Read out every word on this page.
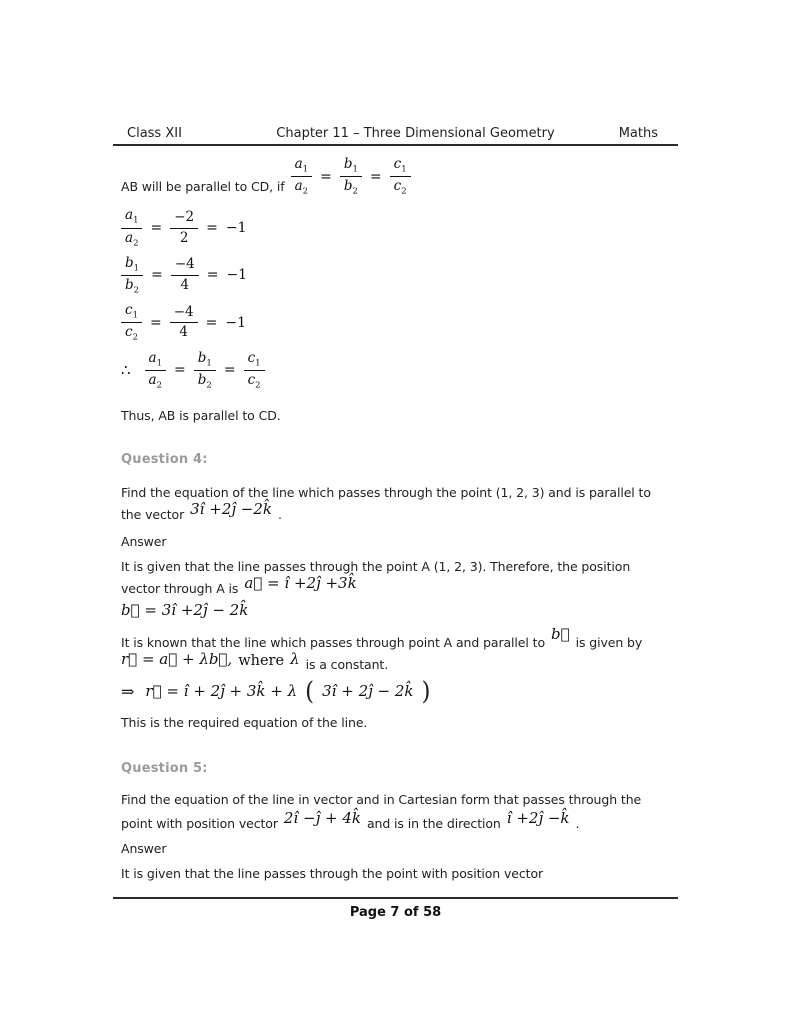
Class XII	Chapter 11 – Three Dimensional Geometry	Maths
AB will be parallel to CD, if $\frac{a_1}{a_2} = \frac{b_1}{b_2} = \frac{c_1}{c_2}$
$\frac{a_1}{a_2} = \frac{-2}{2} = -1$
$\frac{b_1}{b_2} = \frac{-4}{4} = -1$
$\frac{c_1}{c_2} = \frac{-4}{4} = -1$
∴ $\frac{a_1}{a_2} = \frac{b_1}{b_2} = \frac{c_1}{c_2}$
Thus, AB is parallel to CD.
Question 4:
Find the equation of the line which passes through the point (1, 2, 3) and is parallel to
the vector 3î +2ĵ −2k̂ .
Answer
It is given that the line passes through the point A (1, 2, 3). Therefore, the position
vector through A is a⃗ = î +2ĵ +3k̂
b⃗ = 3î +2ĵ − 2k̂
It is known that the line which passes through point A and parallel to b⃗ is given by
r⃗ = a⃗ + λb⃗, where λ is a constant.
⇒ r⃗ = î + 2ĵ + 3k̂ + λ ( 3î + 2ĵ − 2k̂ )
This is the required equation of the line.
Question 5:
Find the equation of the line in vector and in Cartesian form that passes through the
point with position vector 2î −ĵ + 4k̂ and is in the direction î +2ĵ −k̂ .
Answer
It is given that the line passes through the point with position vector
Page 7 of 58
